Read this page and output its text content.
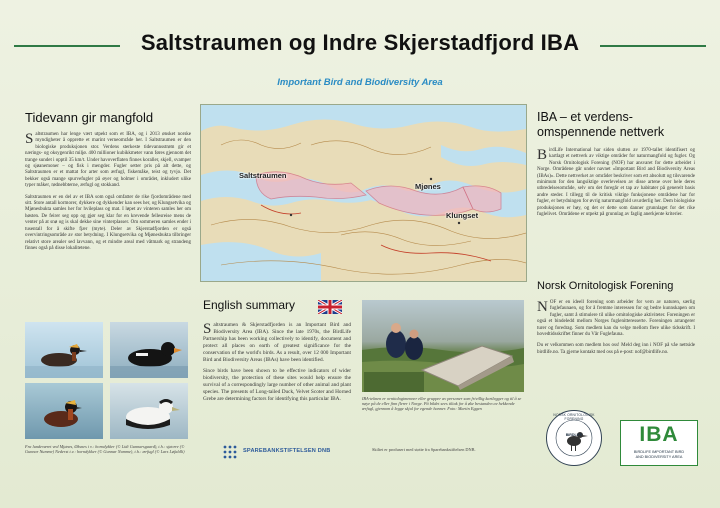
Saltstraumen og Indre Skjerstadfjord IBA
Important Bird and Biodiversity Area
Tidevann gir mangfold

Saltstraumen har lenge vært utpekt som et IBA, og i 2013 ønsket norske myndigheter å opprette et marint verneområde her. I Saltstraumen er den biologiske produksjonen stor. Verdens sterkeste tidevannsstrøm gir et nærings- og oksygenrikt miljø. 400 millioner kubikkmeter vann føres gjennom det trange sundet i opptil 35 km/t. Under havoverflaten finnes koraller, skjell, svamper og sjøanemoner – og fisk i mengder. Fugler setter pris på alt dette, og Saltstraumen er et mattat for arter som ærfugl, fiskemåke, teist og tyvjo. Det bekker også mange spurvefugler på øyer og holmer i området, inkludert ulike typer måker, rødnebbterne, ærfugl og stokkand.

Saltstraumen er en del av et IBA som også omfatter de rike fjordområdene med sitt. Store antall kormorer, dykkere og dykkender kan sees her, og Klungsetvika og Mjønesbukta samles her for hvileplass og mat. I løpet av vinteren samles her om høsten. De feirer seg opp og gjør seg klar for en krevende fellesreise mens de venter på at snø og is skal dekke sine vinterplasser. Om sommeren samles ender i tusentall for å skifte fjær (myte). Deler av Skjerstadfjorden er også overvintringsområde av stor betydning. I Klungsetvika og Mjønesbukta tilbringer relativt store arealer sed lavvann, og et mindre areal med våtmark og strandeng finnes også på disse lokalitetene.

Fra lundeværet ved Mjønes, Øksnes i v.: horndykker (© Lidi Gunnarsgaard), t.h.: sjøorre (© Gunnar Numme) Nederst t.v.: horndykker (© Gunnar Numme), t.h.: ærfugl (© Lars Løfaldli)
Saltstraumen
Mjønes
Klungset
English summary

Saltstraumen & Skjerstadfjorden is an Important Bird and Biodiversity Area (IBA). Since the late 1970s, the BirdLife Partnership has been working collectively to identify, document and protect all places on earth of greatest significance for the conservation of the world's birds. As a result, over 12 000 Important Bird and Biodiversity Areas (IBAs) have been identified.

Since birds have been shown to be effective indicators of wider biodiversity, the protection of these sites would help ensure the survival of a correspondingly large number of other animal and plant species. The presents of Long-tailed Duck, Velvet Scoter and Horned Grebe are determining factors for identifying this particular IBA.	IBA-teknen er ornitologimenner eller grupper av personer som frivillig kartlegger og til å se nøye på de eller finn flerer i Norge. På bildet sees tiltak for å øke bestanden av hekkende ærfugl, gjennom å legge skjul for egende hanner. Foto: Martin Eggen
SPAREBANKSTIFTELSEN DNB	Skiltet er produsert med støtte fra Sparebankstiftelsen DNB.
IBA – et verdens-
omspennende nettverk

BirdLife International har siden slutten av 1970-tallet identifisert og kartlagt et nettverk av viktige områder for naturmangfold og fugler. Og Norsk Ornitologisk Forening (NOF) har ansvaret for dette arbeidet i Norge. Områdene går under navnet «Important Bird and Biodiversity Areas (IBAs)». Dette nettverket av områder beskriver som ett absolutt og tilsvarende minimum for den langsiktige overlevelsen av disse artene over hele deres utbredelsesområde, selv om det foregår et tap av habitater på generelt basis andre steder. I tillegg til de kritisk viktige funksjonene områdene har for fugler, er betydningen for øvrig naturmangfold uvurderlig her. Dem biologiske produksjonen er høy, og det er dette som danner grunnlaget for det rike fuglelivet. Områdene er utpekt på grunnlag av faglig anerkjente kriterier.

Norsk Ornitologisk Forening

NOF er en ideell forening som arbeider for vern av naturen, særlig fuglefaunaen, og for å fremme interessen for og bedre kunnskapen om fugler, samt å stimulere til ulike ornitologiske aktiviteter. Foreningen er også et bindeledd mellom Norges fuglenitteresserte. Foreningen arrangerer turer og foredrag. Som medlem kan du velge mellom flere ulike tidsskrift. I hovedtidsskriftet finner du Vår Fuglefauna.

Du er velkommen som medlem hos oss! Meld deg inn i NOF på våe nettside birdlife.no. Ta gjerne kontakt med oss på e-post: nof@birdlife.no.

NORSK ORNITOLOGISK FORENING
BIRDLIFE	IBA
BIRDLIFE IMPORTANT BIRD
AND BIODIVERSITY AREA
